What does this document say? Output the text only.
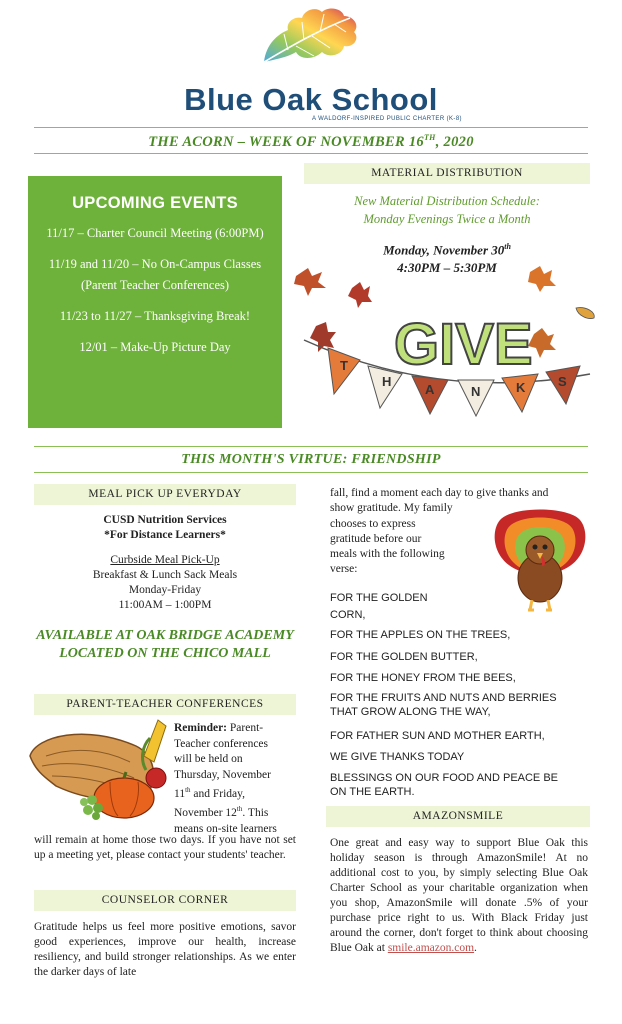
Blue Oak School
A WALDORF-INSPIRED PUBLIC CHARTER (K-8)
THE ACORN – WEEK OF NOVEMBER 16TH, 2020
UPCOMING EVENTS
11/17 – Charter Council Meeting (6:00PM)
11/19 and 11/20 – No On-Campus Classes (Parent Teacher Conferences)
11/23 to 11/27 – Thanksgiving Break!
12/01 – Make-Up Picture Day
MATERIAL DISTRIBUTION
New Material Distribution Schedule:
Monday Evenings Twice a Month
Monday, November 30th
4:30PM – 5:30PM
GIVE
T
H
A	N	K	S
THIS MONTH'S VIRTUE: FRIENDSHIP
MEAL PICK UP EVERYDAY
CUSD Nutrition Services
*For Distance Learners*
Curbside Meal Pick-Up
Breakfast & Lunch Sack Meals
Monday-Friday
11:00AM – 1:00PM
AVAILABLE AT OAK BRIDGE ACADEMY LOCATED ON THE CHICO MALL
PARENT-TEACHER CONFERENCES
Reminder: Parent-
Teacher conferences
will be held on
Thursday, November
11th and Friday,
November 12th. This
means on-site learners
will remain at home those two days. If you have not set up a meeting yet, please contact your students' teacher.
COUNSELOR CORNER
Gratitude helps us feel more positive emotions, savor good experiences, improve our health, increase resiliency, and build stronger relationships. As we enter the darker days of late
fall, find a moment each day to give thanks and
show gratitude. My family
chooses to express
gratitude before our
meals with the following
verse:
FOR THE GOLDEN
CORN,
FOR THE APPLES ON THE TREES,
FOR THE GOLDEN BUTTER,
FOR THE HONEY FROM THE BEES,
FOR THE FRUITS AND NUTS AND BERRIES THAT GROW ALONG THE WAY,
FOR FATHER SUN AND MOTHER EARTH,
WE GIVE THANKS TODAY
BLESSINGS ON OUR FOOD AND PEACE BE ON THE EARTH.
AMAZONSMILE
One great and easy way to support Blue Oak this holiday season is through AmazonSmile! At no additional cost to you, by simply selecting Blue Oak Charter School as your charitable organization when you shop, AmazonSmile will donate .5% of your purchase price right to us. With Black Friday just around the corner, don't forget to think about choosing Blue Oak at smile.amazon.com.
